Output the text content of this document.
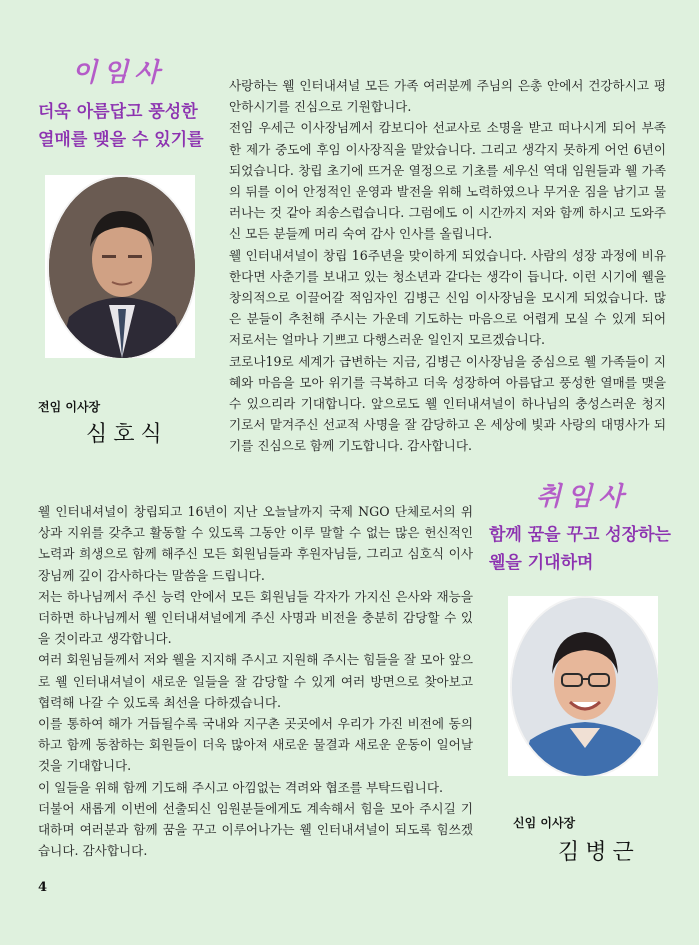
이임사
더욱 아름답고 풍성한
열매를 맺을 수 있기를
전임 이사장
심호식

사랑하는 웰 인터내셔널 모든 가족 여러분께 주님의 은총 안에서 건강하시고 평안하시기를 진심으로 기원합니다.

전임 우세근 이사장님께서 캄보디아 선교사로 소명을 받고 떠나시게 되어 부족한 제가 중도에 후임 이사장직을 맡았습니다. 그리고 생각지 못하게 어언 6년이 되었습니다. 창립 초기에 뜨거운 열정으로 기초를 세우신 역대 임원들과 웰 가족의 뒤를 이어 안정적인 운영과 발전을 위해 노력하였으나 무거운 짐을 남기고 물러나는 것 같아 죄송스럽습니다. 그럼에도 이 시간까지 저와 함께 하시고 도와주신 모든 분들께 머리 숙여 감사 인사를 올립니다.

웰 인터내셔널이 창립 16주년을 맞이하게 되었습니다. 사람의 성장 과정에 비유한다면 사춘기를 보내고 있는 청소년과 같다는 생각이 듭니다. 이런 시기에 웰을 창의적으로 이끌어갈 적임자인 김병근 신임 이사장님을 모시게 되었습니다. 많은 분들이 추천해 주시는 가운데 기도하는 마음으로 어렵게 모실 수 있게 되어 저로서는 얼마나 기쁘고 다행스러운 일인지 모르겠습니다.

코로나19로 세계가 급변하는 지금, 김병근 이사장님을 중심으로 웰 가족들이 지혜와 마음을 모아 위기를 극복하고 더욱 성장하여 아름답고 풍성한 열매를 맺을 수 있으리라 기대합니다. 앞으로도 웰 인터내셔널이 하나님의 충성스러운 청지기로서 맡겨주신 선교적 사명을 잘 감당하고 온 세상에 빛과 사랑의 대명사가 되기를 진심으로 함께 기도합니다. 감사합니다.

웰 인터내셔널이 창립되고 16년이 지난 오늘날까지 국제 NGO 단체로서의 위상과 지위를 갖추고 활동할 수 있도록 그동안 이루 말할 수 없는 많은 헌신적인 노력과 희생으로 함께 해주신 모든 회원님들과 후원자님들, 그리고 심호식 이사장님께 깊이 감사하다는 말씀을 드립니다.

저는 하나님께서 주신 능력 안에서 모든 회원님들 각자가 가지신 은사와 재능을 더하면 하나님께서 웰 인터내셔널에게 주신 사명과 비전을 충분히 감당할 수 있을 것이라고 생각합니다.

여러 회원님들께서 저와 웰을 지지해 주시고 지원해 주시는 힘들을 잘 모아 앞으로 웰 인터내셔널이 새로운 일들을 잘 감당할 수 있게 여러 방면으로 찾아보고 협력해 나갈 수 있도록 최선을 다하겠습니다.

이를 통하여 해가 거듭될수록 국내와 지구촌 곳곳에서 우리가 가진 비전에 동의하고 함께 동참하는 회원들이 더욱 많아져 새로운 물결과 새로운 운동이 일어날 것을 기대합니다.

이 일들을 위해 함께 기도해 주시고 아낌없는 격려와 협조를 부탁드립니다.

더불어 새롭게 이번에 선출되신 임원분들에게도 계속해서 힘을 모아 주시길 기대하며 여러분과 함께 꿈을 꾸고 이루어나가는 웰 인터내셔널이 되도록 힘쓰겠습니다. 감사합니다.

취임사
함께 꿈을 꾸고 성장하는
웰을 기대하며
신임 이사장
김병근
4
